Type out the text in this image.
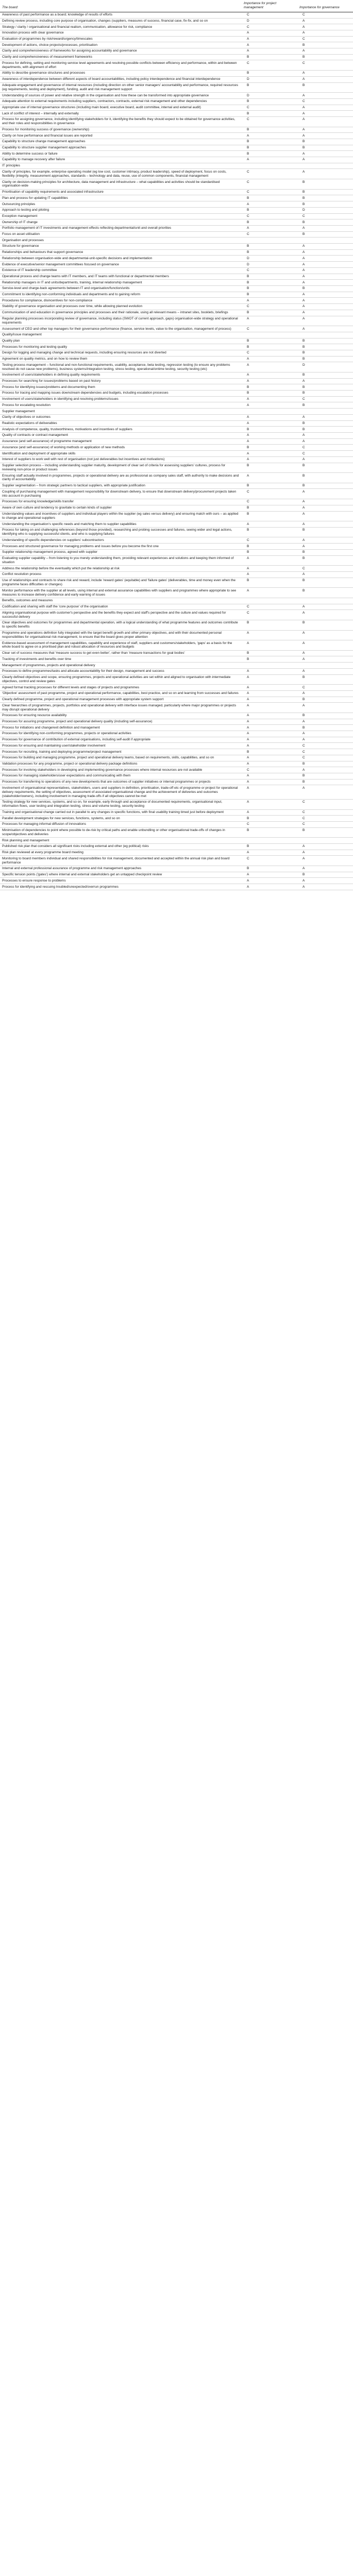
The board:	Importance for project management	Importance for governance
Awareness of past performance as a board; knowledge of results of efforts	C	C
Defining review process, including core purpose of organisation, changes (suppliers, measures of success, financial case, fix-fix, and so on	D	A
Strategy / clarity / organisational and financial realism, communication, allowance for risk, compliance	C	A
Innovation process with clear governance	A	A
Evaluation of programmes by risk/reward/urgency/timescales	A	C
Development of actions, choice projects/processes, prioritisation	A	B
Clarity and comprehensiveness of frameworks for assigning accountability and governance	A	A
Clarity and comprehensiveness of measurement frameworks	B	B
Process for defining, setting and monitoring service level agreements and resolving possible conflicts between efficiency and performance, within and between departments, with alignment of effort	C	C
Ability to describe governance structures and processes	B	A
Awareness of interdependence between different aspects of board accountabilities, including policy interdependence and financial interdependence	D	A
Adequate engagement and governance of internal resources (including direction on other senior managers' accountability and performance, required resources (eg requirements, testing and deployment), funding, audit and risk management support	B	B
Understanding of sources of power and relative strength in the organisation and how these can be transformed into appropriate governance	D	A
Adequate attention to external requirements including suppliers, contractors, contracts, external risk management and other dependencies	B	C
Appropriate use of internal governance structures (including main board, executive board, audit committee, internal and external audit)	C	A
Lack of conflict of interest – internally and externally	B	A
Process for assigning governance, including identifying stakeholders for it, identifying the benefits they should expect to be obtained for governance activities, and their roles and responsibilities in governance	C	A
Process for monitoring success of governance (ownership)	B	A
Clarity on how performance and financial issues are reported	A	A
Capability to structure change management approaches	B	B
Capability to structure supplier management approaches	B	B
Ability to determine success or failure	B	A
Capability to manage recovery after failure	A	A
IT principles		
Clarity of principles, for example, enterprise operating model (eg low cost, customer intimacy, product leadership), speed of deployment, focus on costs, flexibility (integrity, measurement approaches, standards – technology and data, reuse, use of common components, financial management	C	A
Clarity on decision-making principles for architecture, data management and infrastructure – what capabilities and activities should be standardised organisation-wide	C	B
Prioritisation of capability requirements and associated infrastructure	C	B
Plan and process for updating IT capabilities	B	B
Outsourcing principles	A	B
Approach to testing and piloting	B	D
Exception management	C	C
Ownership of IT change	B	B
Portfolio management of IT investments and management effects reflecting departmental/unit and overall priorities	A	A
Focus on asset utilisation	C	B
Organisation and processes		
Structure for governance	B	A
Relationships and behaviours that support governance	B	A
Relationship between organisation-wide and departmental-unit-specific decisions and implementation	D	A
Evidence of executive/senior management committees focused on governance	D	A
Existence of IT leadership committee	C	A
Operational process and change teams with IT members, and IT teams with functional or departmental members	B	A
Relationship managers in IT and units/departments, training, internal relationship management	B	A
Service-level and charge-back agreements between IT and organisation/function/units	B	B
Commitment to identifying non-conforming individuals and departments and to gaining reform	B	A
Procedures for compliance, disincentives for non-compliance	A	A
Stability of governance organisation and processes over time, while allowing planned evolution	C	A
Communication of and education in governance principles and processes and their rationale, using all relevant means – intranet sites, booklets, briefings	B	A
Regular planning processes incorporating review of governance, including status (SWOT of current approach, gaps) organisation-wide strategy and operational requirements	A	A
Assessment of CEO and other top managers for their governance performance (finance, service levels, value to the organisation, management of process)	C	A
Quality/issue management		
Quality plan	B	B
Processes for monitoring and testing quality	B	B
Design for logging and managing change and technical requests, including ensuring resources are not diverted	C	B
Agreement on quality metrics, and on how to review them	A	B
Testing process management – functional and non-functional requirements, usability, acceptance, beta testing, regression testing (to ensure any problems resolved do not cause new problems), business systems/integration testing, stress testing, operational/ontime testing, security testing (etc)	A	D
Involvement of users/stakeholders in defining quality requirements	A	B
Processes for searching for issues/problems based on past history	A	A
Process for identifying issues/problems and documenting them	B	B
Process for tracing and mapping issues downstream dependencies and budgets, including escalation processes	B	B
Involvement of users/stakeholders in identifying and resolving problems/issues	A	C
Process for escalating resolution	A	B
Supplier management		
Clarity of objectives or outcomes	A	A
Realistic expectations of deliverables	A	B
Analysis of competence, quality, trustworthiness, motivations and incentives of suppliers	B	B
Quality of contracts or contract management	A	A
Assurance (and self-assurance) of programme management	A	A
Assurance (and self-assurance) of working methods or application of new methods	B	C
Identification and deployment of appropriate skills	A	C
Interest of suppliers to work well with rest of organisation (not just deliverables but incentives and motivations)	A	A
Supplier selection process – including understanding supplier maturity, development of clear set of criteria for assessing suppliers' cultures, process for reviewing non-price or product issues	B	B
Ensuring staff actually involved in programmes, projects or operational delivery are as professional as company sales staff, with authority to make decisions and clarity of accountability	A	B
Supplier segmentation – from strategic partners to tactical suppliers, with appropriate justification	B	B
Coupling of purchasing management with management responsibility for downstream delivery, to ensure that downstream delivery/procurement projects taken into account in purchasing	C	A
Processes for ensuring knowledge/skills transfer	C	A
Aware of own culture and tendency to gravitate to certain kinds of supplier	B	A
Understanding values and incentives of suppliers and individual players within the supplier (eg sales versus delivery) and ensuring match with ours – as applied to change and operational suppliers	B	A
Understanding the organisation's specific needs and matching them to supplier capabilities	A	A
Process for taking on and challenging references (beyond those provided), researching and probing successes and failures, seeing wider and legal actions, identifying who is supplying successful clients, and who is supplying failures	B	B
Understanding of specific dependencies on suppliers' subcontractors	C	A
Processes and structured governance for managing problems and issues before you become the first one	B	A
Supplier relationship management process, agreed with supplier	B	B
Evaluating supplier capability – from listening to you merely understanding them, providing relevant experiences and solutions and keeping them informed of situation	A	B
Address the relationship before the eventuality which put the relationship at risk	A	C
Conflict resolution process	A	A
Use of relationships and contracts to share risk and reward, include 'reward gates' (equitable) and 'failure gates' (deliverables, time and money even when the programme faces difficulties or changes)	B	B
Monitor performance with the supplier at all levels, using internal and external assurance capabilities with suppliers and programmes where appropriate to see measures to increase delivery confidence and early warning of issues	A	B
Benefits, outcomes and measures		
Codification and sharing with staff the 'core purpose' of the organisation	C	A
Aligning organisational purpose with customer's perspective and the benefits they expect and staff's perspective and the culture and values required for successful delivery	C	A
Clear objectives and outcomes for programmes and departmental operation, with a logical understanding of what programme features and outcomes contribute to specific benefits	B	B
Programme and operations definition fully integrated with the target benefit growth and other primary objectives, and with their documented personal responsibilities for organisational risk management, to ensure that the board gives proper attention	A	A
Evidence-based assessment of management capabilities, capability and experience of staff, suppliers and customers/stakeholders, 'gaps' as a basis for the whole board to agree on a prioritised plan and robust allocation of resources and budgets	A	A
Clear set of success measures that 'measure success to get even better', rather than 'measure transactions for goal bodies'	B	A
Tracking of investments and benefits over time	B	A
Management of programmes, projects and operational delivery		
Processes to define programmes/tasks and allocate accountability for their design, management and success	A	A
Clearly defined objectives and scope, ensuring programmes, projects and operational activities are set within and aligned to organisation with intermediate objectives, control and review gates	A	B
Agreed formal tracking processes for different levels and stages of projects and programmes	A	C
'Objective' assessment of past programme, project and operational performance, capabilities, best practice, and so on and learning from successes and failures	A	A
Clearly defined programme, project and operational management processes with appropriate system support	A	B
Clear hierarchies of programmes, projects, portfolios and operational delivery with interface issues managed, particularly where major programmes or projects may disrupt operational delivery	A	A
Processes for ensuring resource availability	A	B
Processes for assuring programme, project and operational delivery quality (including self-assurance)	A	A
Process for initiations and change/exit definition and management	A	B
Processes for identifying non-conforming programmes, projects or operational activities	A	A
Processes for governance of contribution of external organisations, including self-audit if appropriate	A	A
Processes for ensuring and maintaining user/stakeholder involvement	A	C
Processes for recruiting, training and deploying programme/project management	B	C
Processes for building and managing programme, project and operational delivery teams, based on requirements, skills, capabilities, and so on	A	C
Validation processes for any programme, project or operational delivery package definitions	A	B
Processes for involving stakeholders in developing and implementing governance processes where internal resources are not available	C	A
Processes for managing stakeholders/user expectations and communicating with them	A	B
Processes for transferring to operations of any new developments that are outcomes of supplier initiatives or internal programmes or projects	A	B
Involvement of organisational representatives, stakeholders, users and suppliers in definition, prioritisation, trade-off etc of programme or project for operational delivery requirements, the setting of objectives, assessment of associated organisational change and the achievement of deliveries and outcomes (stakeholder/owners), including involvement in managing trade-offs if all objectives cannot be met	A	A
Testing strategy for new services, systems, and so on, for example, early through and acceptance of documented requirements, organisational input, information flows, user testing and integration testing, stress and volume testing, security testing	A	C
Training and organisational change carried out in parallel to any changes in specific functions, with final usability training timed just before deployment	A	C
Parallel development strategies for new services, functions, systems, and so on	B	C
Processes for managing informal diffusion of innovations	C	C
Minimisation of dependencies to point where possible to de-risk by critical paths and enable unbundling or other organisational trade-offs of changes in scope/objectives and deliveries	B	B
Risk planning and management		
Published risk plan that considers all significant risks including external and other (eg political) risks	B	A
Risk plan reviewed at every programme board meeting	A	A
Monitoring to board members individual and shared responsibilities for risk management, documented and accepted within the annual risk plan and board performance	C	A
Internal and external professional assurance of programme and risk management approaches	B	A
Specific tension points ('gates') where internal and external stakeholders get an untapped checkpoint review	A	B
Processes to ensure response to problems	A	A
Process for identifying and rescuing troubled/unexpected/overrun programmes	A	A
